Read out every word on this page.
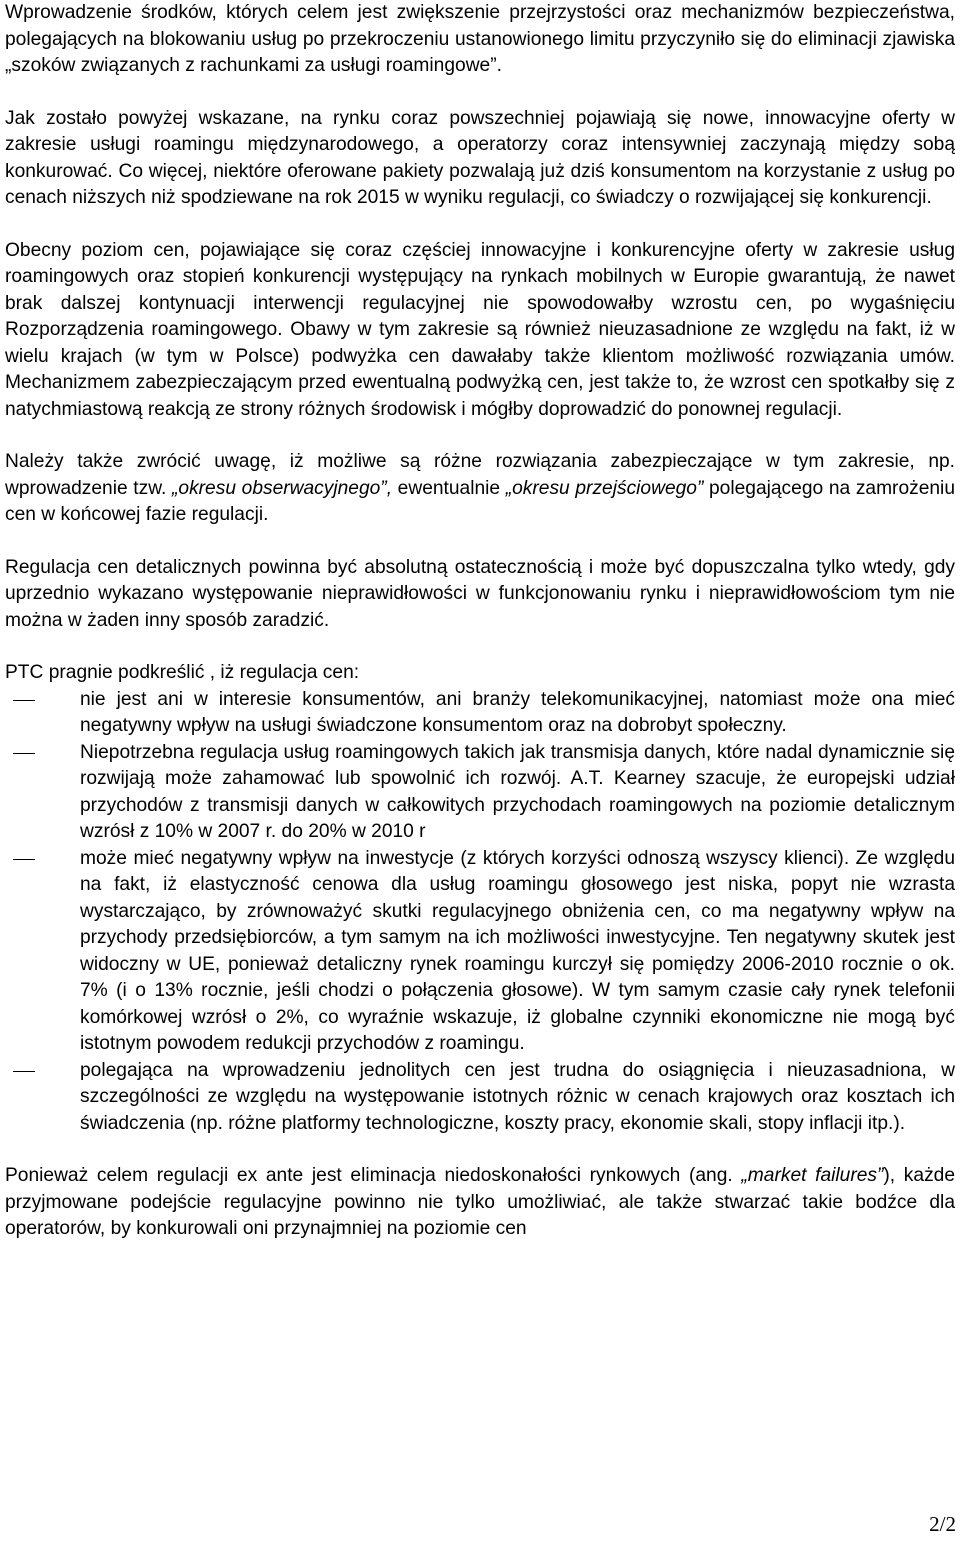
Wprowadzenie środków, których celem jest zwiększenie przejrzystości oraz mechanizmów bezpieczeństwa, polegających na blokowaniu usług po przekroczeniu ustanowionego limitu przyczyniło się do eliminacji zjawiska „szoków związanych z rachunkami za usługi roamingowe”.

Jak zostało powyżej wskazane, na rynku coraz powszechniej pojawiają się nowe, innowacyjne oferty w zakresie usługi roamingu międzynarodowego, a operatorzy coraz intensywniej zaczynają między sobą konkurować. Co więcej, niektóre oferowane pakiety pozwalają już dziś konsumentom na korzystanie z usług po cenach niższych niż spodziewane na rok 2015 w wyniku regulacji, co świadczy o rozwijającej się konkurencji.

Obecny poziom cen, pojawiające się coraz częściej innowacyjne i konkurencyjne oferty w zakresie usług roamingowych oraz stopień konkurencji występujący na rynkach mobilnych w Europie gwarantują, że nawet brak dalszej kontynuacji interwencji regulacyjnej nie spowodowałby wzrostu cen, po wygaśnięciu Rozporządzenia roamingowego. Obawy w tym zakresie są również nieuzasadnione ze względu na fakt, iż w wielu krajach (w tym w Polsce) podwyżka cen dawałaby także klientom możliwość rozwiązania umów. Mechanizmem zabezpieczającym przed ewentualną podwyżką cen, jest także to, że wzrost cen spotkałby się z natychmiastową reakcją ze strony różnych środowisk i mógłby doprowadzić do ponownej regulacji.

Należy także zwrócić uwagę, iż możliwe są różne rozwiązania zabezpieczające w tym zakresie, np. wprowadzenie tzw. „okresu obserwacyjnego”, ewentualnie „okresu przejściowego” polegającego na zamrożeniu cen w końcowej fazie regulacji.

Regulacja cen detalicznych powinna być absolutną ostatecznością i może być dopuszczalna tylko wtedy, gdy uprzednio wykazano występowanie nieprawidłowości w funkcjonowaniu rynku i nieprawidłowościom tym nie można w żaden inny sposób zaradzić.

PTC pragnie podkreślić , iż regulacja cen:
nie jest ani w interesie konsumentów, ani branży telekomunikacyjnej, natomiast może ona mieć negatywny wpływ na usługi świadczone konsumentom oraz na dobrobyt społeczny.
Niepotrzebna regulacja usług roamingowych takich jak transmisja danych, które nadal dynamicznie się rozwijają może zahamować lub spowolnić ich rozwój. A.T. Kearney szacuje, że europejski udział przychodów z transmisji danych w całkowitych przychodach roamingowych na poziomie detalicznym wzrósł z 10% w 2007 r. do 20% w 2010 r
może mieć negatywny wpływ na inwestycje (z których korzyści odnoszą wszyscy klienci). Ze względu na fakt, iż elastyczność cenowa dla usług roamingu głosowego jest niska, popyt nie wzrasta wystarczająco, by zrównoważyć skutki regulacyjnego obniżenia cen, co ma negatywny wpływ na przychody przedsiębiorców, a tym samym na ich możliwości inwestycyjne. Ten negatywny skutek jest widoczny w UE, ponieważ detaliczny rynek roamingu kurczył się pomiędzy 2006-2010 rocznie o ok. 7% (i o 13% rocznie, jeśli chodzi o połączenia głosowe). W tym samym czasie cały rynek telefonii komórkowej wzrósł o 2%, co wyraźnie wskazuje, iż globalne czynniki ekonomiczne nie mogą być istotnym powodem redukcji przychodów z roamingu.
polegająca na wprowadzeniu jednolitych cen jest trudna do osiągnięcia i nieuzasadniona, w szczególności ze względu na występowanie istotnych różnic w cenach krajowych oraz kosztach ich świadczenia (np. różne platformy technologiczne, koszty pracy, ekonomie skali, stopy inflacji itp.).

Ponieważ celem regulacji ex ante jest eliminacja niedoskonałości rynkowych (ang. „market failures”), każde przyjmowane podejście regulacyjne powinno nie tylko umożliwiać, ale także stwarzać takie bodźce dla operatorów, by konkurowali oni przynajmniej na poziomie cen

2/2
